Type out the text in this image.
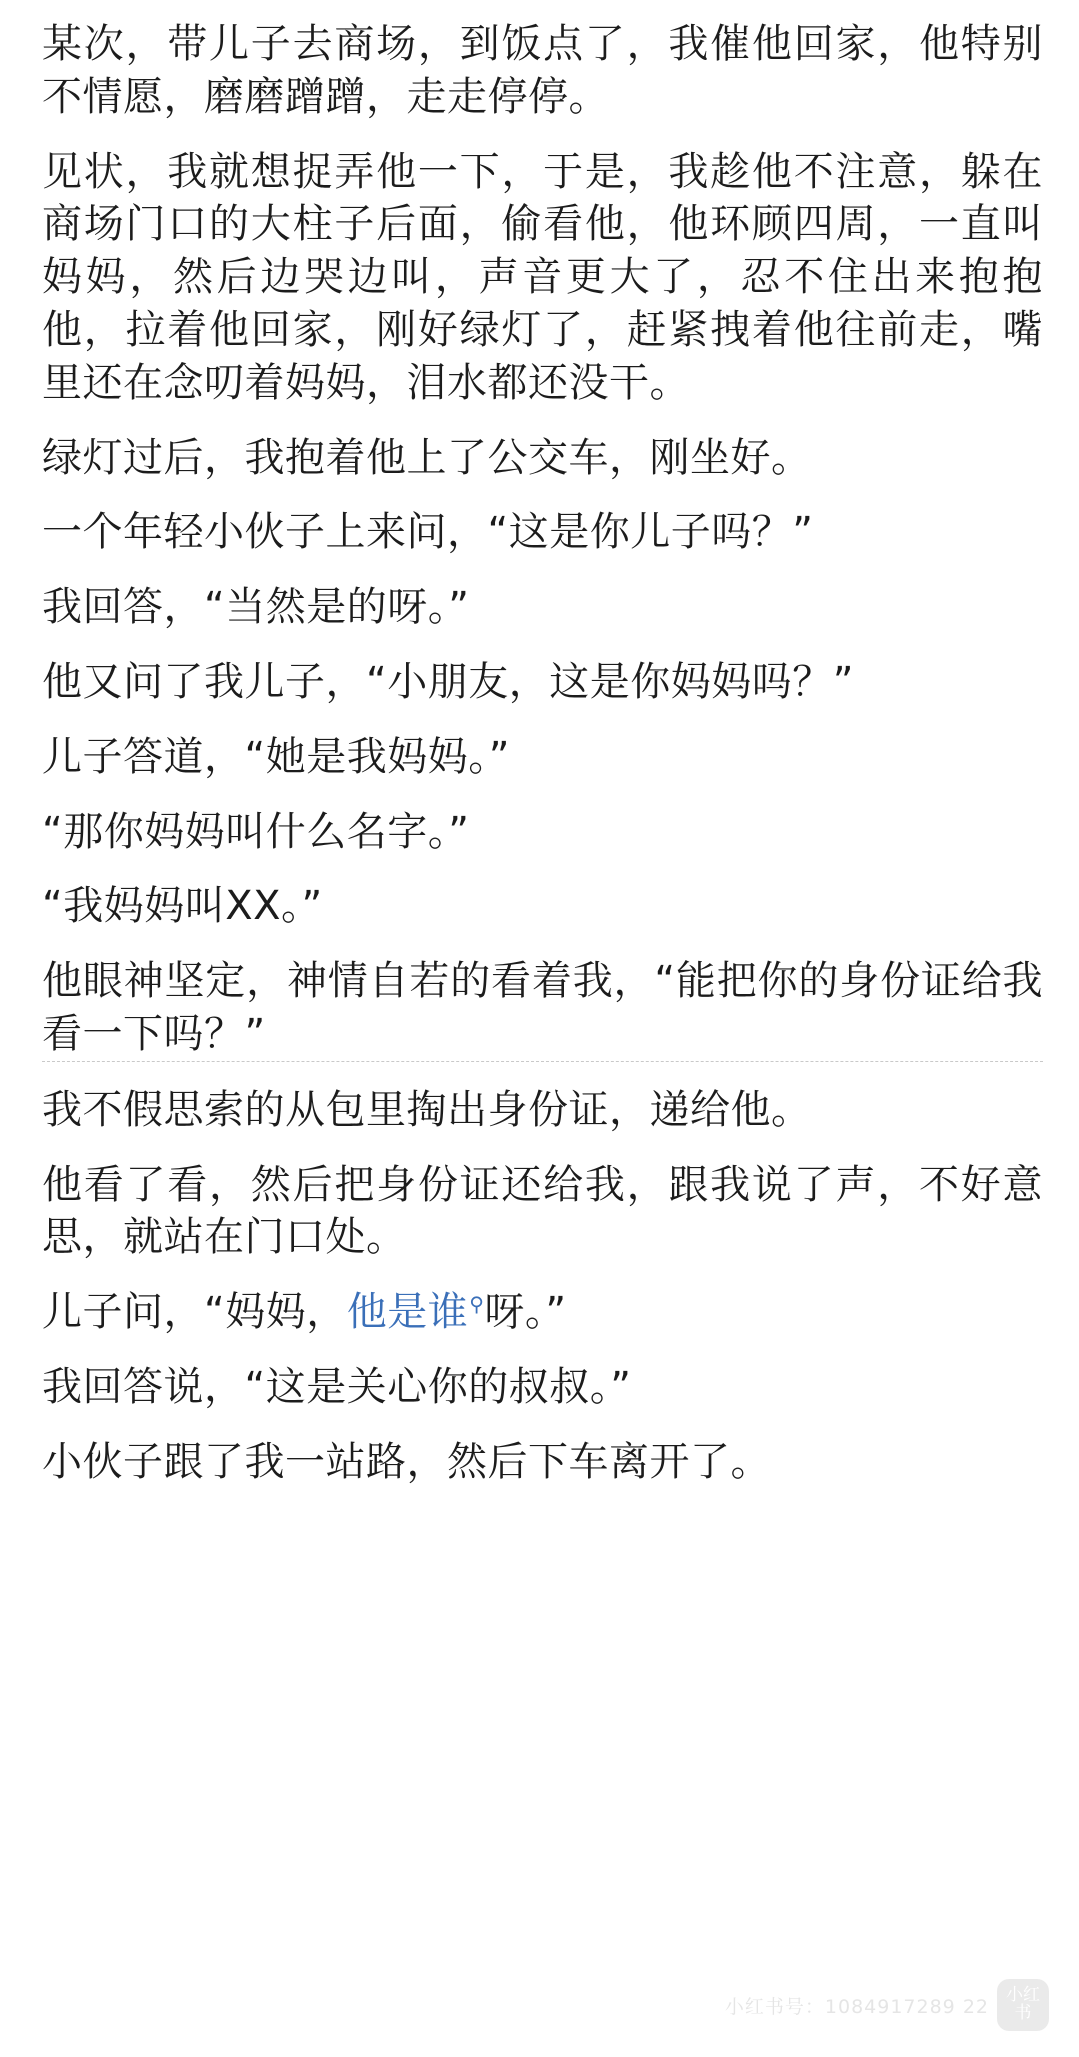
某次，带儿子去商场，到饭点了，我催他回家，他特别不情愿，磨磨蹭蹭，走走停停。

见状，我就想捉弄他一下，于是，我趁他不注意，躲在商场门口的大柱子后面，偷看他，他环顾四周，一直叫妈妈，然后边哭边叫，声音更大了，忍不住出来抱抱他，拉着他回家，刚好绿灯了，赶紧拽着他往前走，嘴里还在念叨着妈妈，泪水都还没干。

绿灯过后，我抱着他上了公交车，刚坐好。

一个年轻小伙子上来问，“这是你儿子吗？”

我回答，“当然是的呀。”

他又问了我儿子，“小朋友，这是你妈妈吗？”

儿子答道，“她是我妈妈。”

“那你妈妈叫什么名字。”

“我妈妈叫XX。”

他眼神坚定，神情自若的看着我，“能把你的身份证给我看一下吗？”

我不假思索的从包里掏出身份证，递给他。

他看了看，然后把身份证还给我，跟我说了声，不好意思，就站在门口处。

儿子问，“妈妈，他是谁⚲呀。”

我回答说，“这是关心你的叔叔。”

小伙子跟了我一站路，然后下车离开了。

小红书号：1084917289 22
小红书
